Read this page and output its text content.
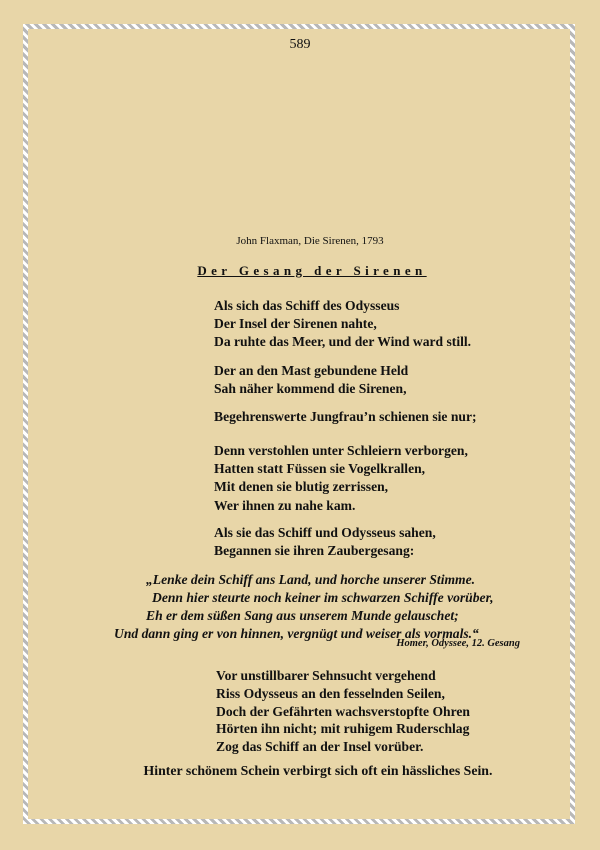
589
John Flaxman, Die Sirenen, 1793
Der Gesang der Sirenen
Als sich das Schiff des Odysseus
Der Insel der Sirenen nahte,
Da ruhte das Meer, und der Wind ward still.
Der an den Mast gebundene Held
Sah näher kommend die Sirenen,
Begehrenswerte Jungfrau’n schienen sie nur;
Denn verstohlen unter Schleiern verborgen,
Hatten statt Füssen sie Vogelkrallen,
Mit denen sie blutig zerrissen,
Wer ihnen zu nahe kam.
Als sie das Schiff und Odysseus sahen,
Begannen sie ihren Zaubergesang:
„Lenke dein Schiff ans Land, und horche unserer Stimme.
Denn hier steurte noch keiner im schwarzen Schiffe vorüber,
Eh er dem süßen Sang aus unserem Munde gelauschet;
Und dann ging er von hinnen, vergnügt und weiser als vormals.“
Homer, Odyssee, 12. Gesang
Vor unstillbarer Sehnsucht vergehend
Riss Odysseus an den fesselnden Seilen,
Doch der Gefährten wachsverstopfte Ohren
Hörten ihn nicht; mit ruhigem Ruderschlag
Zog das Schiff an der Insel vorüber.
Hinter schönem Schein verbirgt sich oft ein hässliches Sein.
